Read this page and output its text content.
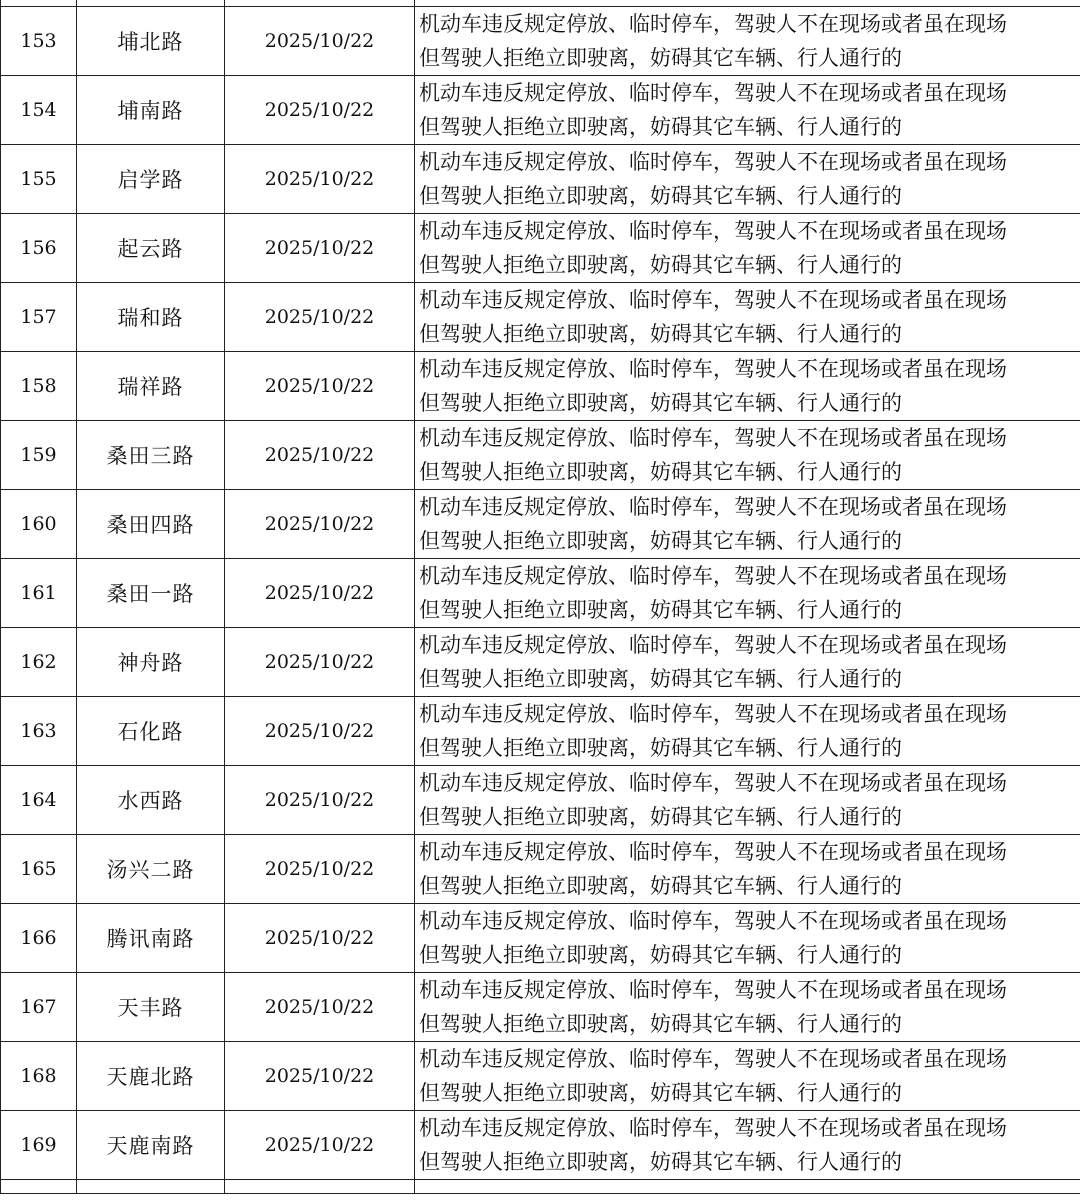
153	埔北路	2025/10/22	机动车违反规定停放、临时停车，驾驶人不在现场或者虽在现场
但驾驶人拒绝立即驶离，妨碍其它车辆、行人通行的

154	埔南路	2025/10/22	机动车违反规定停放、临时停车，驾驶人不在现场或者虽在现场
但驾驶人拒绝立即驶离，妨碍其它车辆、行人通行的

155	启学路	2025/10/22	机动车违反规定停放、临时停车，驾驶人不在现场或者虽在现场
但驾驶人拒绝立即驶离，妨碍其它车辆、行人通行的

156	起云路	2025/10/22	机动车违反规定停放、临时停车，驾驶人不在现场或者虽在现场
但驾驶人拒绝立即驶离，妨碍其它车辆、行人通行的

157	瑞和路	2025/10/22	机动车违反规定停放、临时停车，驾驶人不在现场或者虽在现场
但驾驶人拒绝立即驶离，妨碍其它车辆、行人通行的

158	瑞祥路	2025/10/22	机动车违反规定停放、临时停车，驾驶人不在现场或者虽在现场
但驾驶人拒绝立即驶离，妨碍其它车辆、行人通行的

159	桑田三路	2025/10/22	机动车违反规定停放、临时停车，驾驶人不在现场或者虽在现场
但驾驶人拒绝立即驶离，妨碍其它车辆、行人通行的

160	桑田四路	2025/10/22	机动车违反规定停放、临时停车，驾驶人不在现场或者虽在现场
但驾驶人拒绝立即驶离，妨碍其它车辆、行人通行的

161	桑田一路	2025/10/22	机动车违反规定停放、临时停车，驾驶人不在现场或者虽在现场
但驾驶人拒绝立即驶离，妨碍其它车辆、行人通行的

162	神舟路	2025/10/22	机动车违反规定停放、临时停车，驾驶人不在现场或者虽在现场
但驾驶人拒绝立即驶离，妨碍其它车辆、行人通行的

163	石化路	2025/10/22	机动车违反规定停放、临时停车，驾驶人不在现场或者虽在现场
但驾驶人拒绝立即驶离，妨碍其它车辆、行人通行的

164	水西路	2025/10/22	机动车违反规定停放、临时停车，驾驶人不在现场或者虽在现场
但驾驶人拒绝立即驶离，妨碍其它车辆、行人通行的

165	汤兴二路	2025/10/22	机动车违反规定停放、临时停车，驾驶人不在现场或者虽在现场
但驾驶人拒绝立即驶离，妨碍其它车辆、行人通行的

166	腾讯南路	2025/10/22	机动车违反规定停放、临时停车，驾驶人不在现场或者虽在现场
但驾驶人拒绝立即驶离，妨碍其它车辆、行人通行的

167	天丰路	2025/10/22	机动车违反规定停放、临时停车，驾驶人不在现场或者虽在现场
但驾驶人拒绝立即驶离，妨碍其它车辆、行人通行的

168	天鹿北路	2025/10/22	机动车违反规定停放、临时停车，驾驶人不在现场或者虽在现场
但驾驶人拒绝立即驶离，妨碍其它车辆、行人通行的

169	天鹿南路	2025/10/22	机动车违反规定停放、临时停车，驾驶人不在现场或者虽在现场
但驾驶人拒绝立即驶离，妨碍其它车辆、行人通行的
